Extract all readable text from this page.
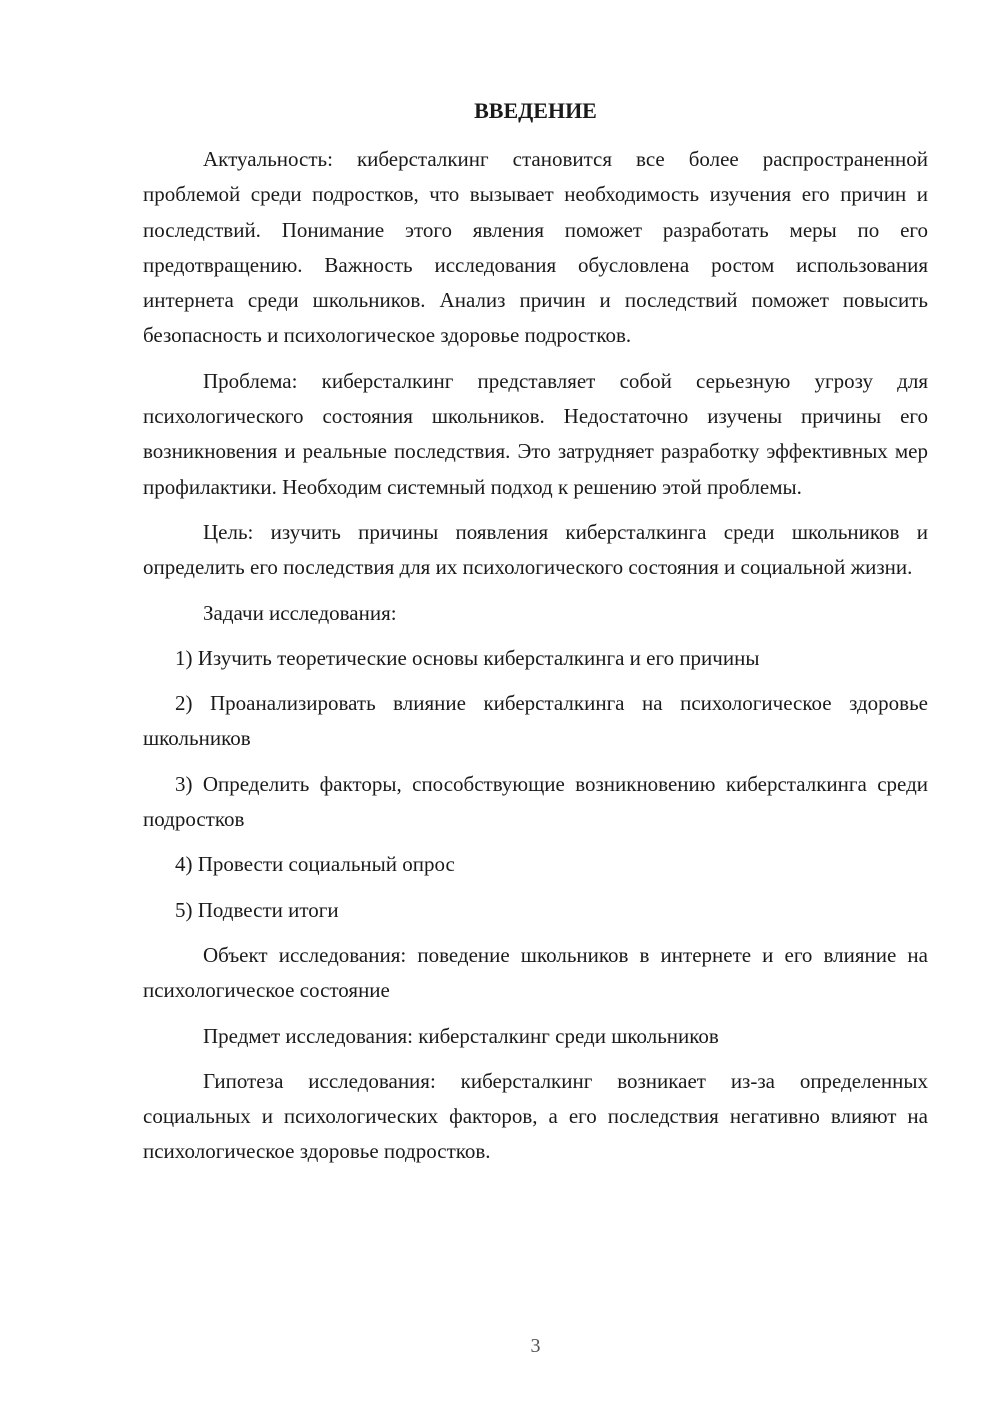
ВВЕДЕНИЕ

Актуальность: киберсталкинг становится все более распространенной проблемой среди подростков, что вызывает необходимость изучения его причин и последствий. Понимание этого явления поможет разработать меры по его предотвращению. Важность исследования обусловлена ростом использования интернета среди школьников. Анализ причин и последствий поможет повысить безопасность и психологическое здоровье подростков.

Проблема: киберсталкинг представляет собой серьезную угрозу для психологического состояния школьников. Недостаточно изучены причины его возникновения и реальные последствия. Это затрудняет разработку эффективных мер профилактики. Необходим системный подход к решению этой проблемы.

Цель: изучить причины появления киберсталкинга среди школьников и определить его последствия для их психологического состояния и социальной жизни.

Задачи исследования:

1) Изучить теоретические основы киберсталкинга и его причины

2) Проанализировать влияние киберсталкинга на психологическое здоровье школьников

3) Определить факторы, способствующие возникновению киберсталкинга среди подростков

4) Провести социальный опрос

5) Подвести итоги

Объект исследования: поведение школьников в интернете и его влияние на психологическое состояние

Предмет исследования: киберсталкинг среди школьников

Гипотеза исследования: киберсталкинг возникает из-за определенных социальных и психологических факторов, а его последствия негативно влияют на психологическое здоровье подростков.

3
